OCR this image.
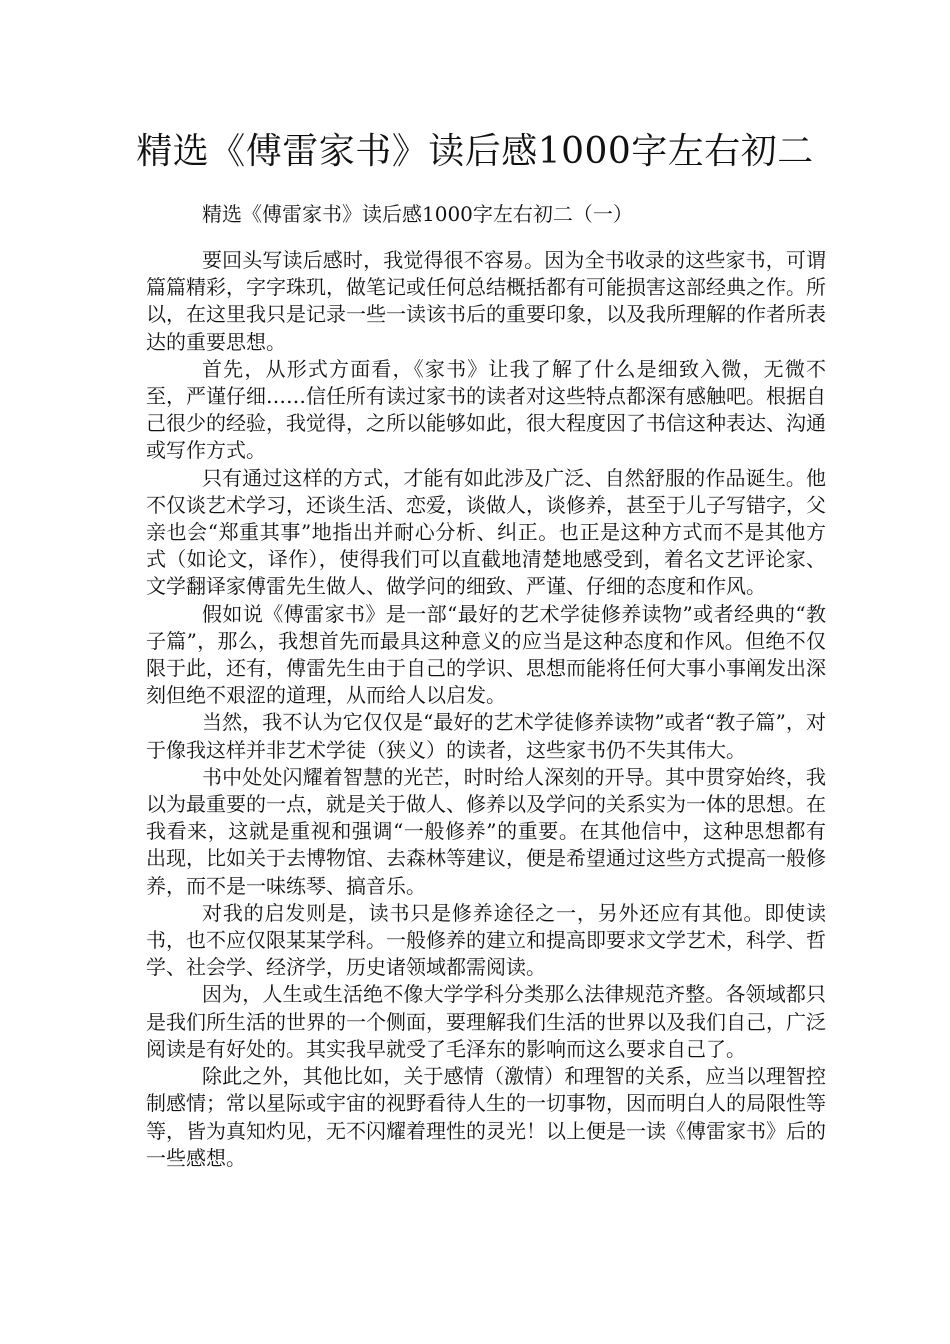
精选《傅雷家书》读后感1000字左右初二
精选《傅雷家书》读后感1000字左右初二（一）

要回头写读后感时，我觉得很不容易。因为全书收录的这些家书，可谓篇篇精彩，字字珠玑，做笔记或任何总结概括都有可能损害这部经典之作。所以，在这里我只是记录一些一读该书后的重要印象，以及我所理解的作者所表达的重要思想。

首先，从形式方面看，《家书》让我了解了什么是细致入微，无微不至，严谨仔细……信任所有读过家书的读者对这些特点都深有感触吧。根据自己很少的经验，我觉得，之所以能够如此，很大程度因了书信这种表达、沟通或写作方式。

只有通过这样的方式，才能有如此涉及广泛、自然舒服的作品诞生。他不仅谈艺术学习，还谈生活、恋爱，谈做人，谈修养，甚至于儿子写错字，父亲也会“郑重其事”地指出并耐心分析、纠正。也正是这种方式而不是其他方式（如论文，译作），使得我们可以直截地清楚地感受到，着名文艺评论家、文学翻译家傅雷先生做人、做学问的细致、严谨、仔细的态度和作风。

假如说《傅雷家书》是一部“最好的艺术学徒修养读物”或者经典的“教子篇”，那么，我想首先而最具这种意义的应当是这种态度和作风。但绝不仅限于此，还有，傅雷先生由于自己的学识、思想而能将任何大事小事阐发出深刻但绝不艰涩的道理，从而给人以启发。

当然，我不认为它仅仅是“最好的艺术学徒修养读物”或者“教子篇”，对于像我这样并非艺术学徒（狭义）的读者，这些家书仍不失其伟大。

书中处处闪耀着智慧的光芒，时时给人深刻的开导。其中贯穿始终，我以为最重要的一点，就是关于做人、修养以及学问的关系实为一体的思想。在我看来，这就是重视和强调“一般修养”的重要。在其他信中，这种思想都有出现，比如关于去博物馆、去森林等建议，便是希望通过这些方式提高一般修养，而不是一味练琴、搞音乐。

对我的启发则是，读书只是修养途径之一，另外还应有其他。即使读书，也不应仅限某某学科。一般修养的建立和提高即要求文学艺术，科学、哲学、社会学、经济学，历史诸领域都需阅读。

因为，人生或生活绝不像大学学科分类那么法律规范齐整。各领域都只是我们所生活的世界的一个侧面，要理解我们生活的世界以及我们自己，广泛阅读是有好处的。其实我早就受了毛泽东的影响而这么要求自己了。

除此之外，其他比如，关于感情（激情）和理智的关系，应当以理智控制感情；常以星际或宇宙的视野看待人生的一切事物，因而明白人的局限性等等，皆为真知灼见，无不闪耀着理性的灵光！以上便是一读《傅雷家书》后的一些感想。
